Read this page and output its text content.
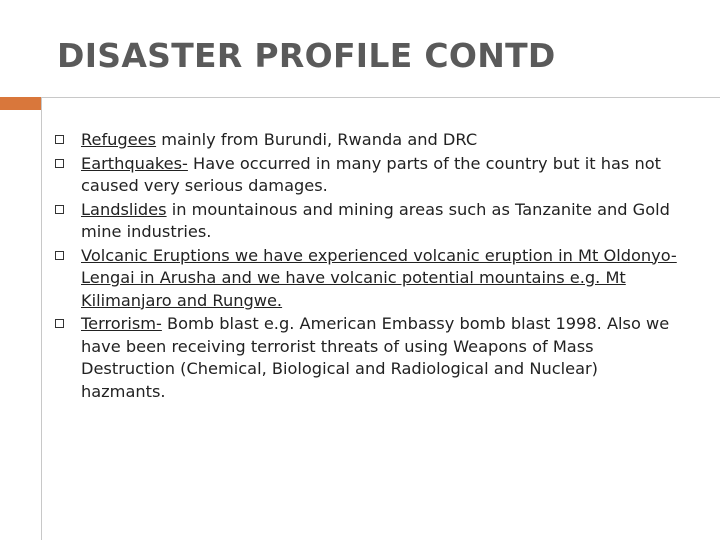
DISASTER PROFILE CONTD
Refugees mainly from Burundi, Rwanda and DRC
Earthquakes- Have occurred in many parts of the country but it has not caused very serious damages.
Landslides in mountainous and mining areas such as Tanzanite and Gold mine industries.
Volcanic Eruptions we have experienced volcanic eruption in Mt Oldonyo-Lengai in Arusha and we have volcanic potential mountains e.g. Mt Kilimanjaro and Rungwe.
Terrorism- Bomb blast e.g. American Embassy bomb blast 1998. Also we have been receiving terrorist threats of using Weapons of Mass Destruction (Chemical, Biological and Radiological and Nuclear) hazmants.
